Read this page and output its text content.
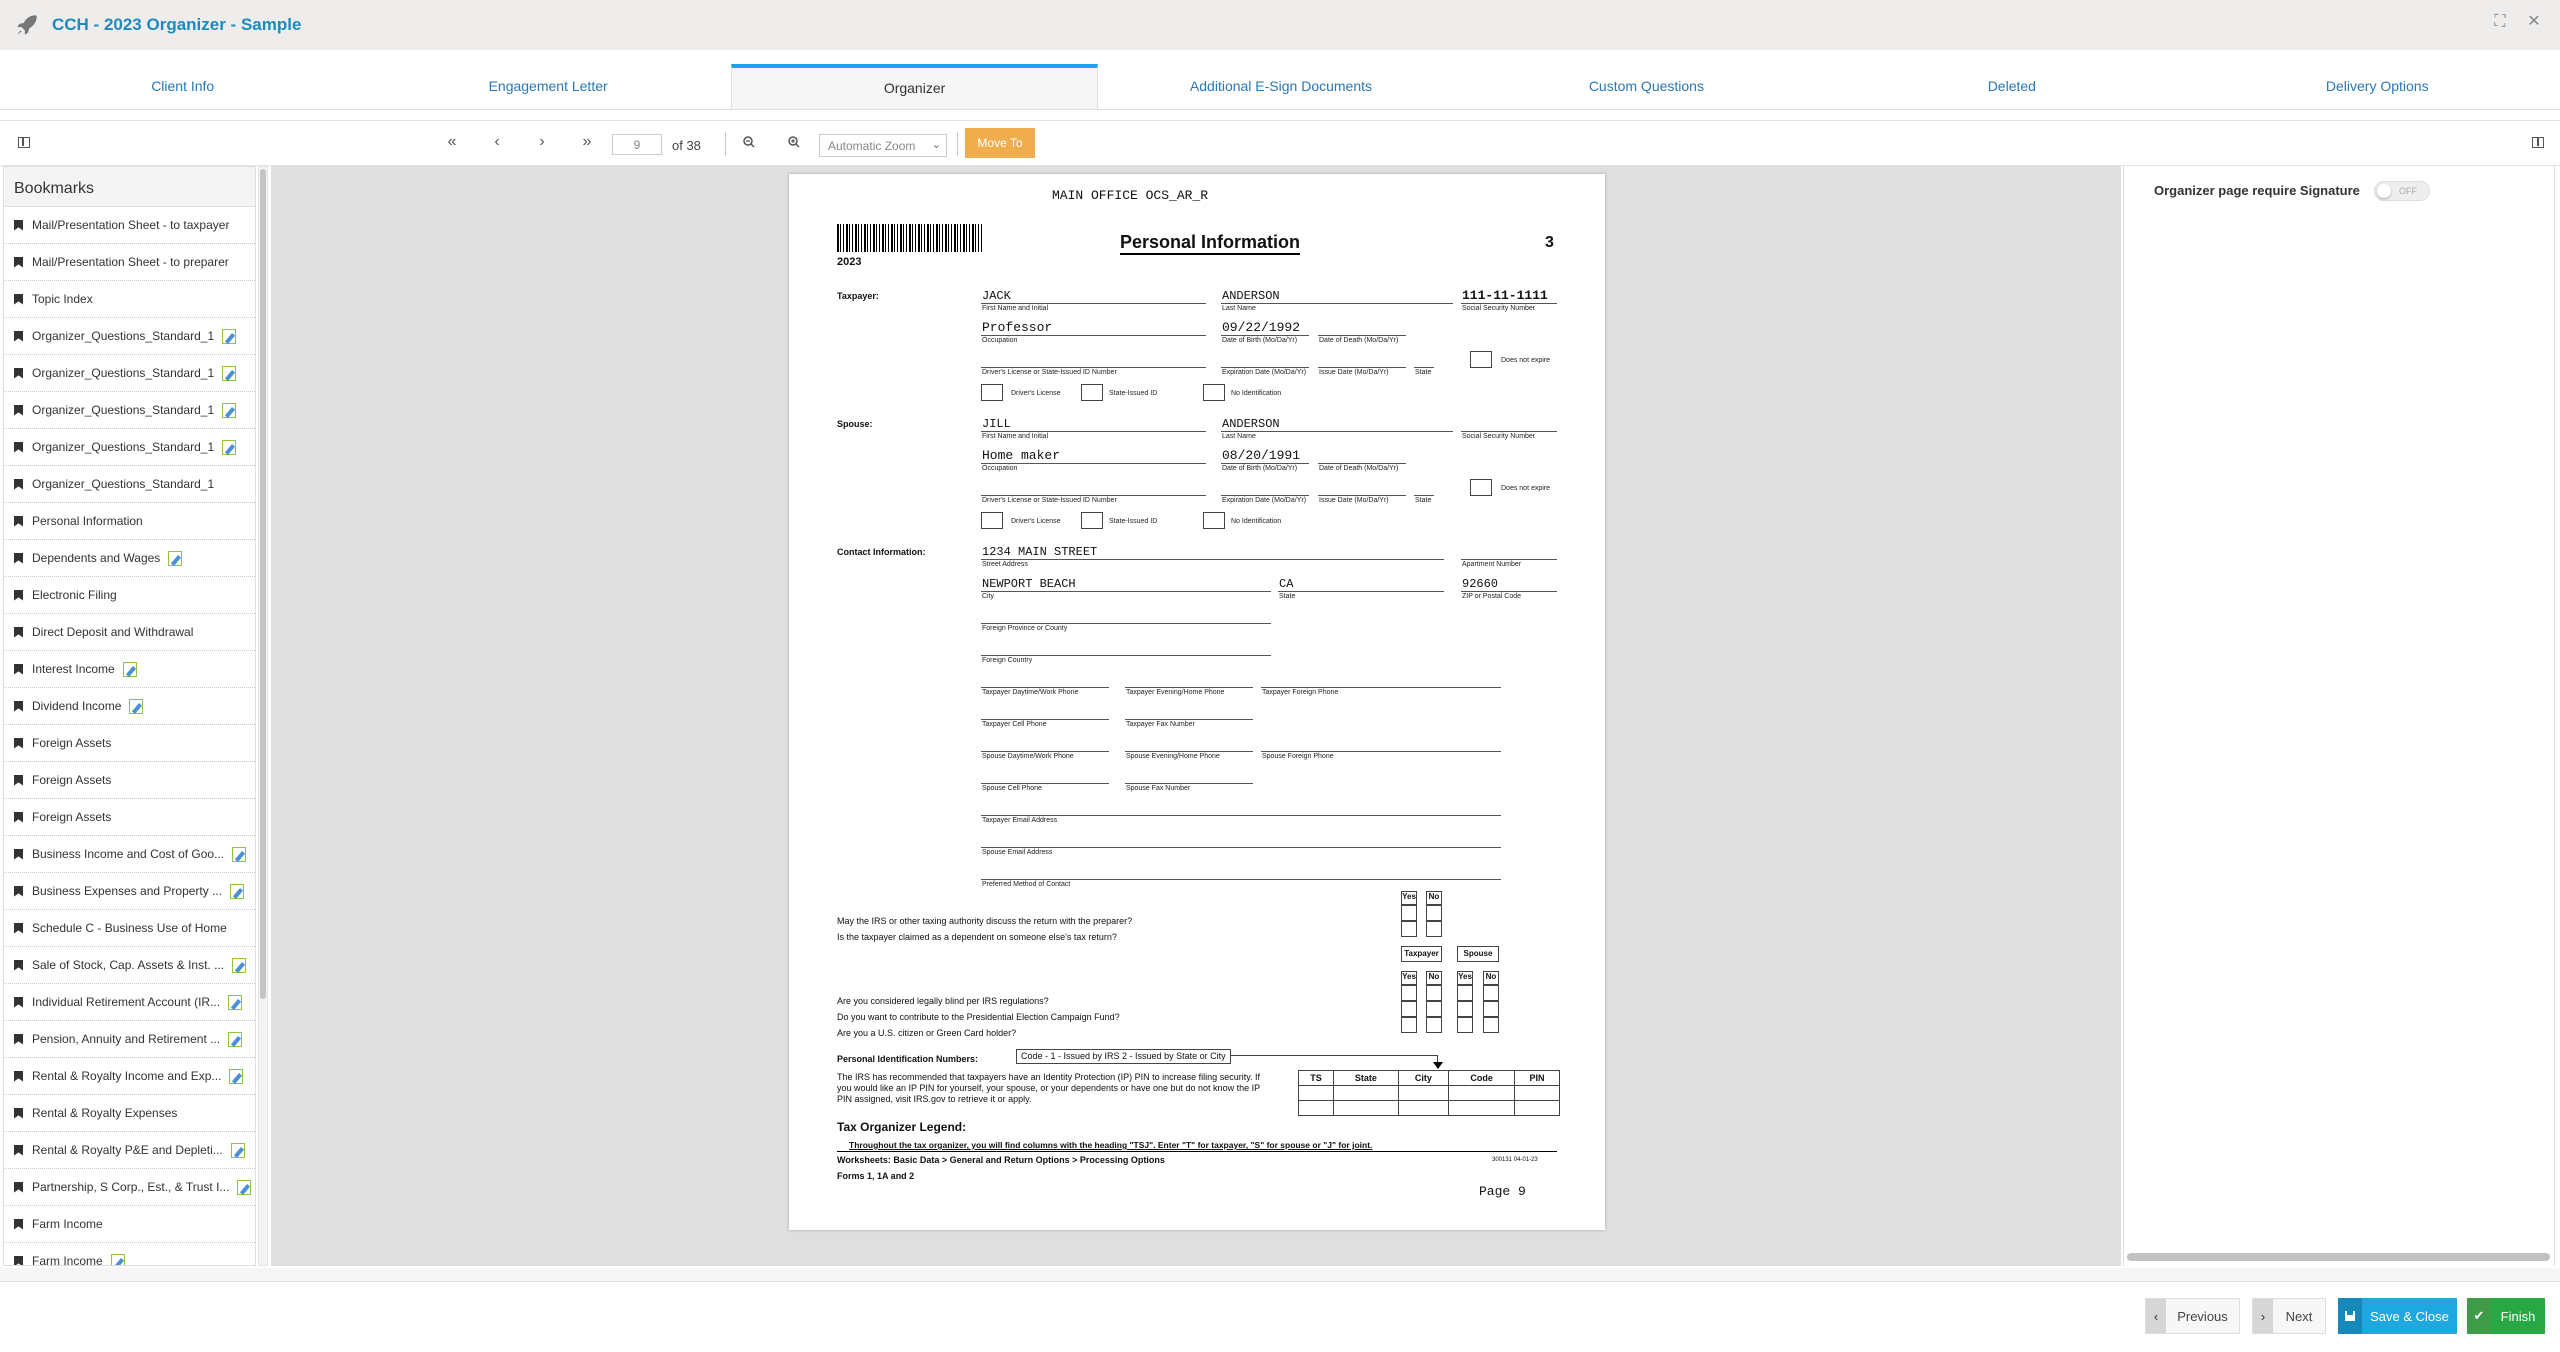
CCH - 2023 Organizer - Sample	⛶ ✕
Client Info	Engagement Letter	Organizer	Additional E-Sign Documents	Custom Questions	Deleted	Delivery Options
«	‹	›	»
9	of 38	Automatic Zoom ⌄	Move To
Bookmarks
Mail/Presentation Sheet - to taxpayer
Mail/Presentation Sheet - to preparer
Topic Index
Organizer_Questions_Standard_1
Organizer_Questions_Standard_1
Organizer_Questions_Standard_1
Organizer_Questions_Standard_1
Organizer_Questions_Standard_1
Personal Information
Dependents and Wages
Electronic Filing
Direct Deposit and Withdrawal
Interest Income
Dividend Income
Foreign Assets
Foreign Assets
Foreign Assets
Business Income and Cost of Goo...
Business Expenses and Property ...
Schedule C - Business Use of Home
Sale of Stock, Cap. Assets & Inst. ...
Individual Retirement Account (IR...
Pension, Annuity and Retirement ...
Rental & Royalty Income and Exp...
Rental & Royalty Expenses
Rental & Royalty P&E and Depleti...
Partnership, S Corp., Est., & Trust I...
Farm Income
Farm Income
MAIN OFFICE OCS_AR_R
2023
Personal Information	3
Taxpayer:	JACK
First Name and Initial
ANDERSON
Last Name
111-11-1111
Social Security Number
Professor
Occupation
09/22/1992
Date of Birth (Mo/Da/Yr)	Date of Death (Mo/Da/Yr)
Driver's License or State-Issued ID Number	Expiration Date (Mo/Da/Yr) Issue Date (Mo/Da/Yr)	State
Does not expire
Driver's License	State-Issued ID	No Identification
Spouse:	JILL
First Name and Initial
ANDERSON
Last Name	Social Security Number
Home maker
Occupation
08/20/1991
Date of Birth (Mo/Da/Yr)	Date of Death (Mo/Da/Yr)
Driver's License or State-Issued ID Number	Expiration Date (Mo/Da/Yr) Issue Date (Mo/Da/Yr)	State
Does not expire
Driver's License	State-Issued ID	No Identification
Contact Information:	1234 MAIN STREET
Street Address	Apartment Number
NEWPORT BEACH
City
CA
State
92660
ZIP or Postal Code
Foreign Province or County
Foreign Country
Taxpayer Daytime/Work Phone	Taxpayer Evening/Home Phone	Taxpayer Foreign Phone
Taxpayer Cell Phone	Taxpayer Fax Number
Spouse Daytime/Work Phone	Spouse Evening/Home Phone	Spouse Foreign Phone
Spouse Cell Phone	Spouse Fax Number
Taxpayer Email Address
Spouse Email Address
Preferred Method of Contact
Yes	No
May the IRS or other taxing authority discuss the return with the preparer?
Is the taxpayer claimed as a dependent on someone else's tax return?
Taxpayer	Spouse
Yes	No	Yes	No
Are you considered legally blind per IRS regulations?
Do you want to contribute to the Presidential Election Campaign Fund?
Are you a U.S. citizen or Green Card holder?
Personal Identification Numbers:	Code - 1 - Issued by IRS 2 - Issued by State or City
The IRS has recommended that taxpayers have an Identity Protection (IP) PIN to increase filing security. If you would like an IP PIN for yourself, your spouse, or your dependents or have one but do not know the IP PIN assigned, visit IRS.gov to retrieve it or apply.
TS	State	City	Code	PIN

Tax Organizer Legend:
Throughout the tax organizer, you will find columns with the heading "TSJ". Enter "T" for taxpayer, "S" for spouse or "J" for joint.
Worksheets: Basic Data > General and Return Options > Processing Options	300131 04-01-23
Forms 1, 1A and 2
Page 9
Organizer page require Signature	OFF
‹	Previous	›	Next	Save & Close	✔	Finish
